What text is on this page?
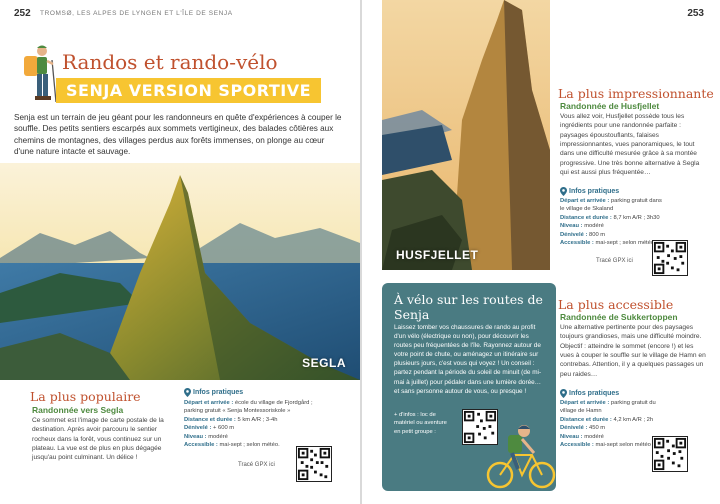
252 TROMSØ, LES ALPES DE LYNGEN ET L'ÎLE DE SENJA
Randos et rando-vélo
SENJA VERSION SPORTIVE
Senja est un terrain de jeu géant pour les randonneurs en quête d'expériences à couper le souffle. Des petits sentiers escarpés aux sommets vertigineux, des balades côtières aux chemins de montagnes, des villages perdus aux forêts immenses, on plonge au cœur d'une nature intacte et sauvage.
SEGLA
La plus populaire
Randonnée vers Segla
Ce sommet est l'image de carte postale de la destination. Après avoir parcouru le sentier rocheux dans la forêt, vous continuez sur un plateau. La vue est de plus en plus dégagée jusqu'au point culminant. Un délice !
Infos pratiques
Départ et arrivée : école du village de Fjordgård ; parking gratuit « Senja Montessoriskole »
Distance et durée : 5 km A/R ; 3-4h
Dénivelé : + 600 m
Niveau : modéré
Accessible : mai-sept ; selon météo.
Tracé GPX ici
253
HUSFJELLET
La plus impressionnante
Randonnée de Husfjellet
Vous allez voir, Husfjellet possède tous les ingrédients pour une randonnée parfaite : paysages époustouflants, falaises impressionnantes, vues panoramiques, le tout dans une difficulté mesurée grâce à sa montée progressive. Une très bonne alternative à Segla qui est aussi plus fréquentée…
Infos pratiques
Départ et arrivée : parking gratuit dans le village de Skaland
Distance et durée : 8,7 km A/R ; 3h30
Niveau : modéré
Dénivelé : 800 m
Accessible : mai-sept ; selon météo
Tracé GPX ici
À vélo sur les routes de Senja
Laissez tomber vos chaussures de rando au profit d'un vélo (électrique ou non), pour découvrir les routes peu fréquentées de l'île. Rayonnez autour de votre point de chute, ou aménagez un itinéraire sur plusieurs jours, c'est vous qui voyez ! Un conseil : partez pendant la période du soleil de minuit (de mi-mai à juillet) pour pédaler dans une lumière dorée… et sans personne autour de vous, ou presque !
+ d'infos : loc de matériel ou aventure en petit groupe :
La plus accessible
Randonnée de Sukkertoppen
Une alternative pertinente pour des paysages toujours grandioses, mais une difficulté moindre. Objectif : atteindre le sommet (encore !) et les vues à couper le souffle sur le village de Hamn en contrebas. Attention, il y a quelques passages un peu raides…
Infos pratiques
Départ et arrivée : parking gratuit du village de Hamn
Distance et durée : 4,2 km A/R ; 2h
Dénivelé : 450 m
Niveau : modéré
Accessible : mai-sept selon météo
